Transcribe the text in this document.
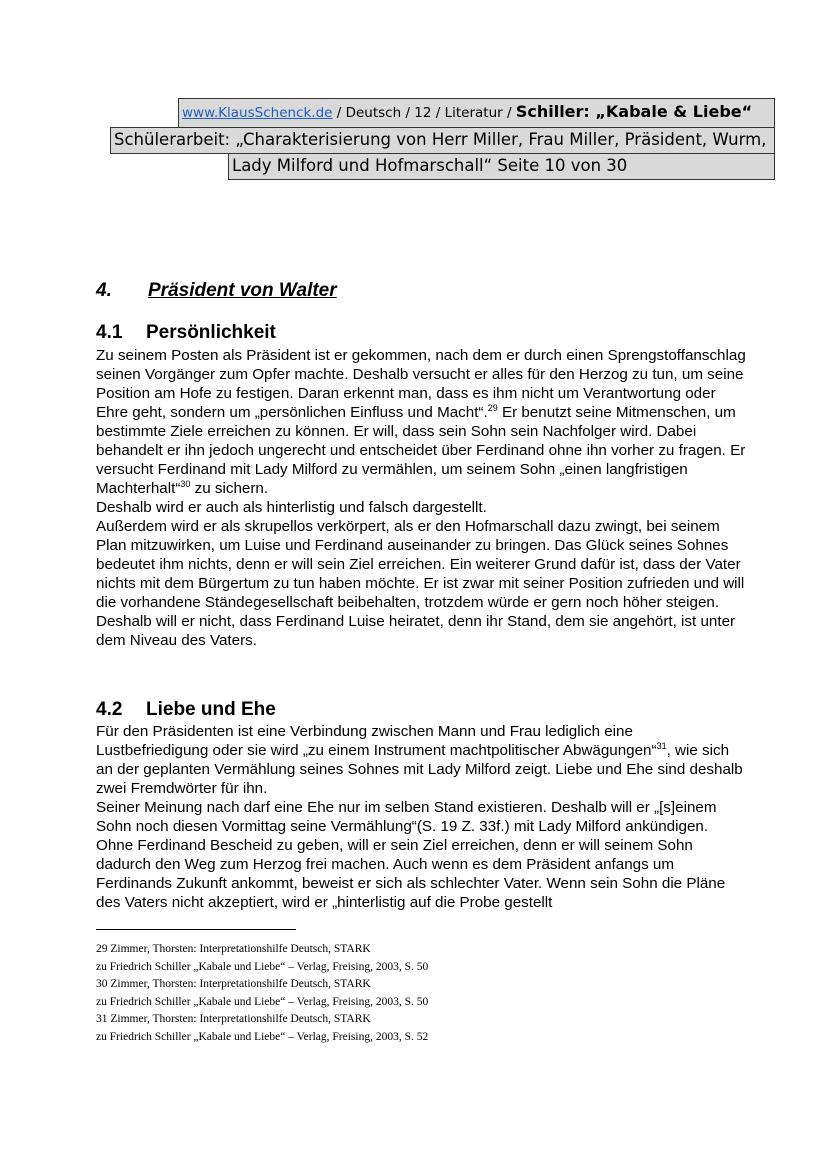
www.KlausSchenck.de / Deutsch / 12 / Literatur / Schiller: „Kabale & Liebe“
Schülerarbeit: „Charakterisierung von Herr Miller, Frau Miller, Präsident, Wurm,
Lady Milford und Hofmarschall“ Seite 10 von 30
4. Präsident von Walter
4.1 Persönlichkeit

Zu seinem Posten als Präsident ist er gekommen, nach dem er durch einen Sprengstoffanschlag seinen Vorgänger zum Opfer machte. Deshalb versucht er alles für den Herzog zu tun, um seine Position am Hofe zu festigen. Daran erkennt man, dass es ihm nicht um Verantwortung oder Ehre geht, sondern um „persönlichen Einfluss und Macht“.$^{29}$ Er benutzt seine Mitmenschen, um bestimmte Ziele erreichen zu können. Er will, dass sein Sohn sein Nachfolger wird. Dabei behandelt er ihn jedoch ungerecht und entscheidet über Ferdinand ohne ihn vorher zu fragen. Er versucht Ferdinand mit Lady Milford zu vermählen, um seinem Sohn „einen langfristigen Machterhalt“$^{30}$ zu sichern.

Deshalb wird er auch als hinterlistig und falsch dargestellt.

Außerdem wird er als skrupellos verkörpert, als er den Hofmarschall dazu zwingt, bei seinem Plan mitzuwirken, um Luise und Ferdinand auseinander zu bringen. Das Glück seines Sohnes bedeutet ihm nichts, denn er will sein Ziel erreichen. Ein weiterer Grund dafür ist, dass der Vater nichts mit dem Bürgertum zu tun haben möchte. Er ist zwar mit seiner Position zufrieden und will die vorhandene Ständegesellschaft beibehalten, trotzdem würde er gern noch höher steigen. Deshalb will er nicht, dass Ferdinand Luise heiratet, denn ihr Stand, dem sie angehört, ist unter dem Niveau des Vaters.

4.2 Liebe und Ehe

Für den Präsidenten ist eine Verbindung zwischen Mann und Frau lediglich eine Lustbefriedigung oder sie wird „zu einem Instrument machtpolitischer Abwägungen“$^{31}$, wie sich an der geplanten Vermählung seines Sohnes mit Lady Milford zeigt. Liebe und Ehe sind deshalb zwei Fremdwörter für ihn.

Seiner Meinung nach darf eine Ehe nur im selben Stand existieren. Deshalb will er „[s]einem Sohn noch diesen Vormittag seine Vermählung“(S. 19 Z. 33f.) mit Lady Milford ankündigen. Ohne Ferdinand Bescheid zu geben, will er sein Ziel erreichen, denn er will seinem Sohn dadurch den Weg zum Herzog frei machen. Auch wenn es dem Präsident anfangs um Ferdinands Zukunft ankommt, beweist er sich als schlechter Vater. Wenn sein Sohn die Pläne des Vaters nicht akzeptiert, wird er „hinterlistig auf die Probe gestellt

29 Zimmer, Thorsten: Interpretationshilfe Deutsch, STARK
zu Friedrich Schiller „Kabale und Liebe“ – Verlag, Freising, 2003, S. 50
30 Zimmer, Thorsten: Interpretationshilfe Deutsch, STARK
zu Friedrich Schiller „Kabale und Liebe“ – Verlag, Freising, 2003, S. 50
31 Zimmer, Thorsten: Interpretationshilfe Deutsch, STARK
zu Friedrich Schiller „Kabale und Liebe“ – Verlag, Freising, 2003, S. 52
